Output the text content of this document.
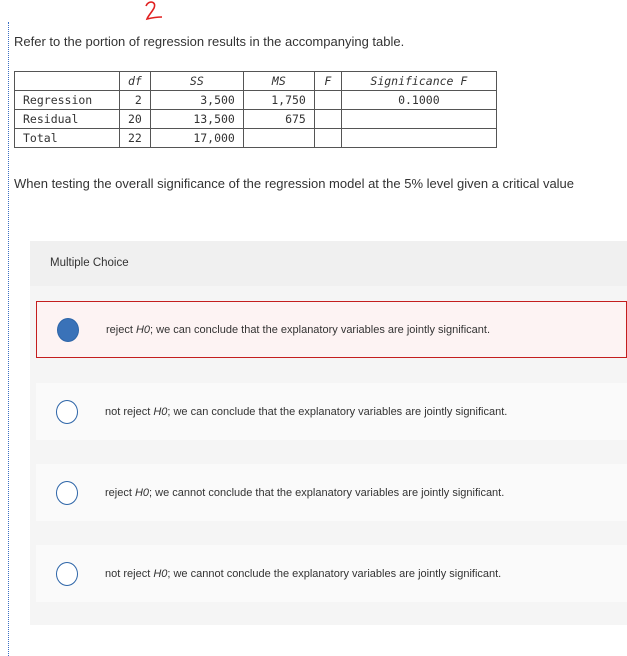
Refer to the portion of regression results in the accompanying table.
	df	SS	MS	F	Significance F
Regression	2	3,500	1,750		0.1000
Residual	20	13,500	675		
Total	22	17,000			
When testing the overall significance of the regression model at the 5% level given a critical value
Multiple Choice
reject H0; we can conclude that the explanatory variables are jointly significant.
not reject H0; we can conclude that the explanatory variables are jointly significant.
reject H0; we cannot conclude that the explanatory variables are jointly significant.
not reject H0; we cannot conclude the explanatory variables are jointly significant.
